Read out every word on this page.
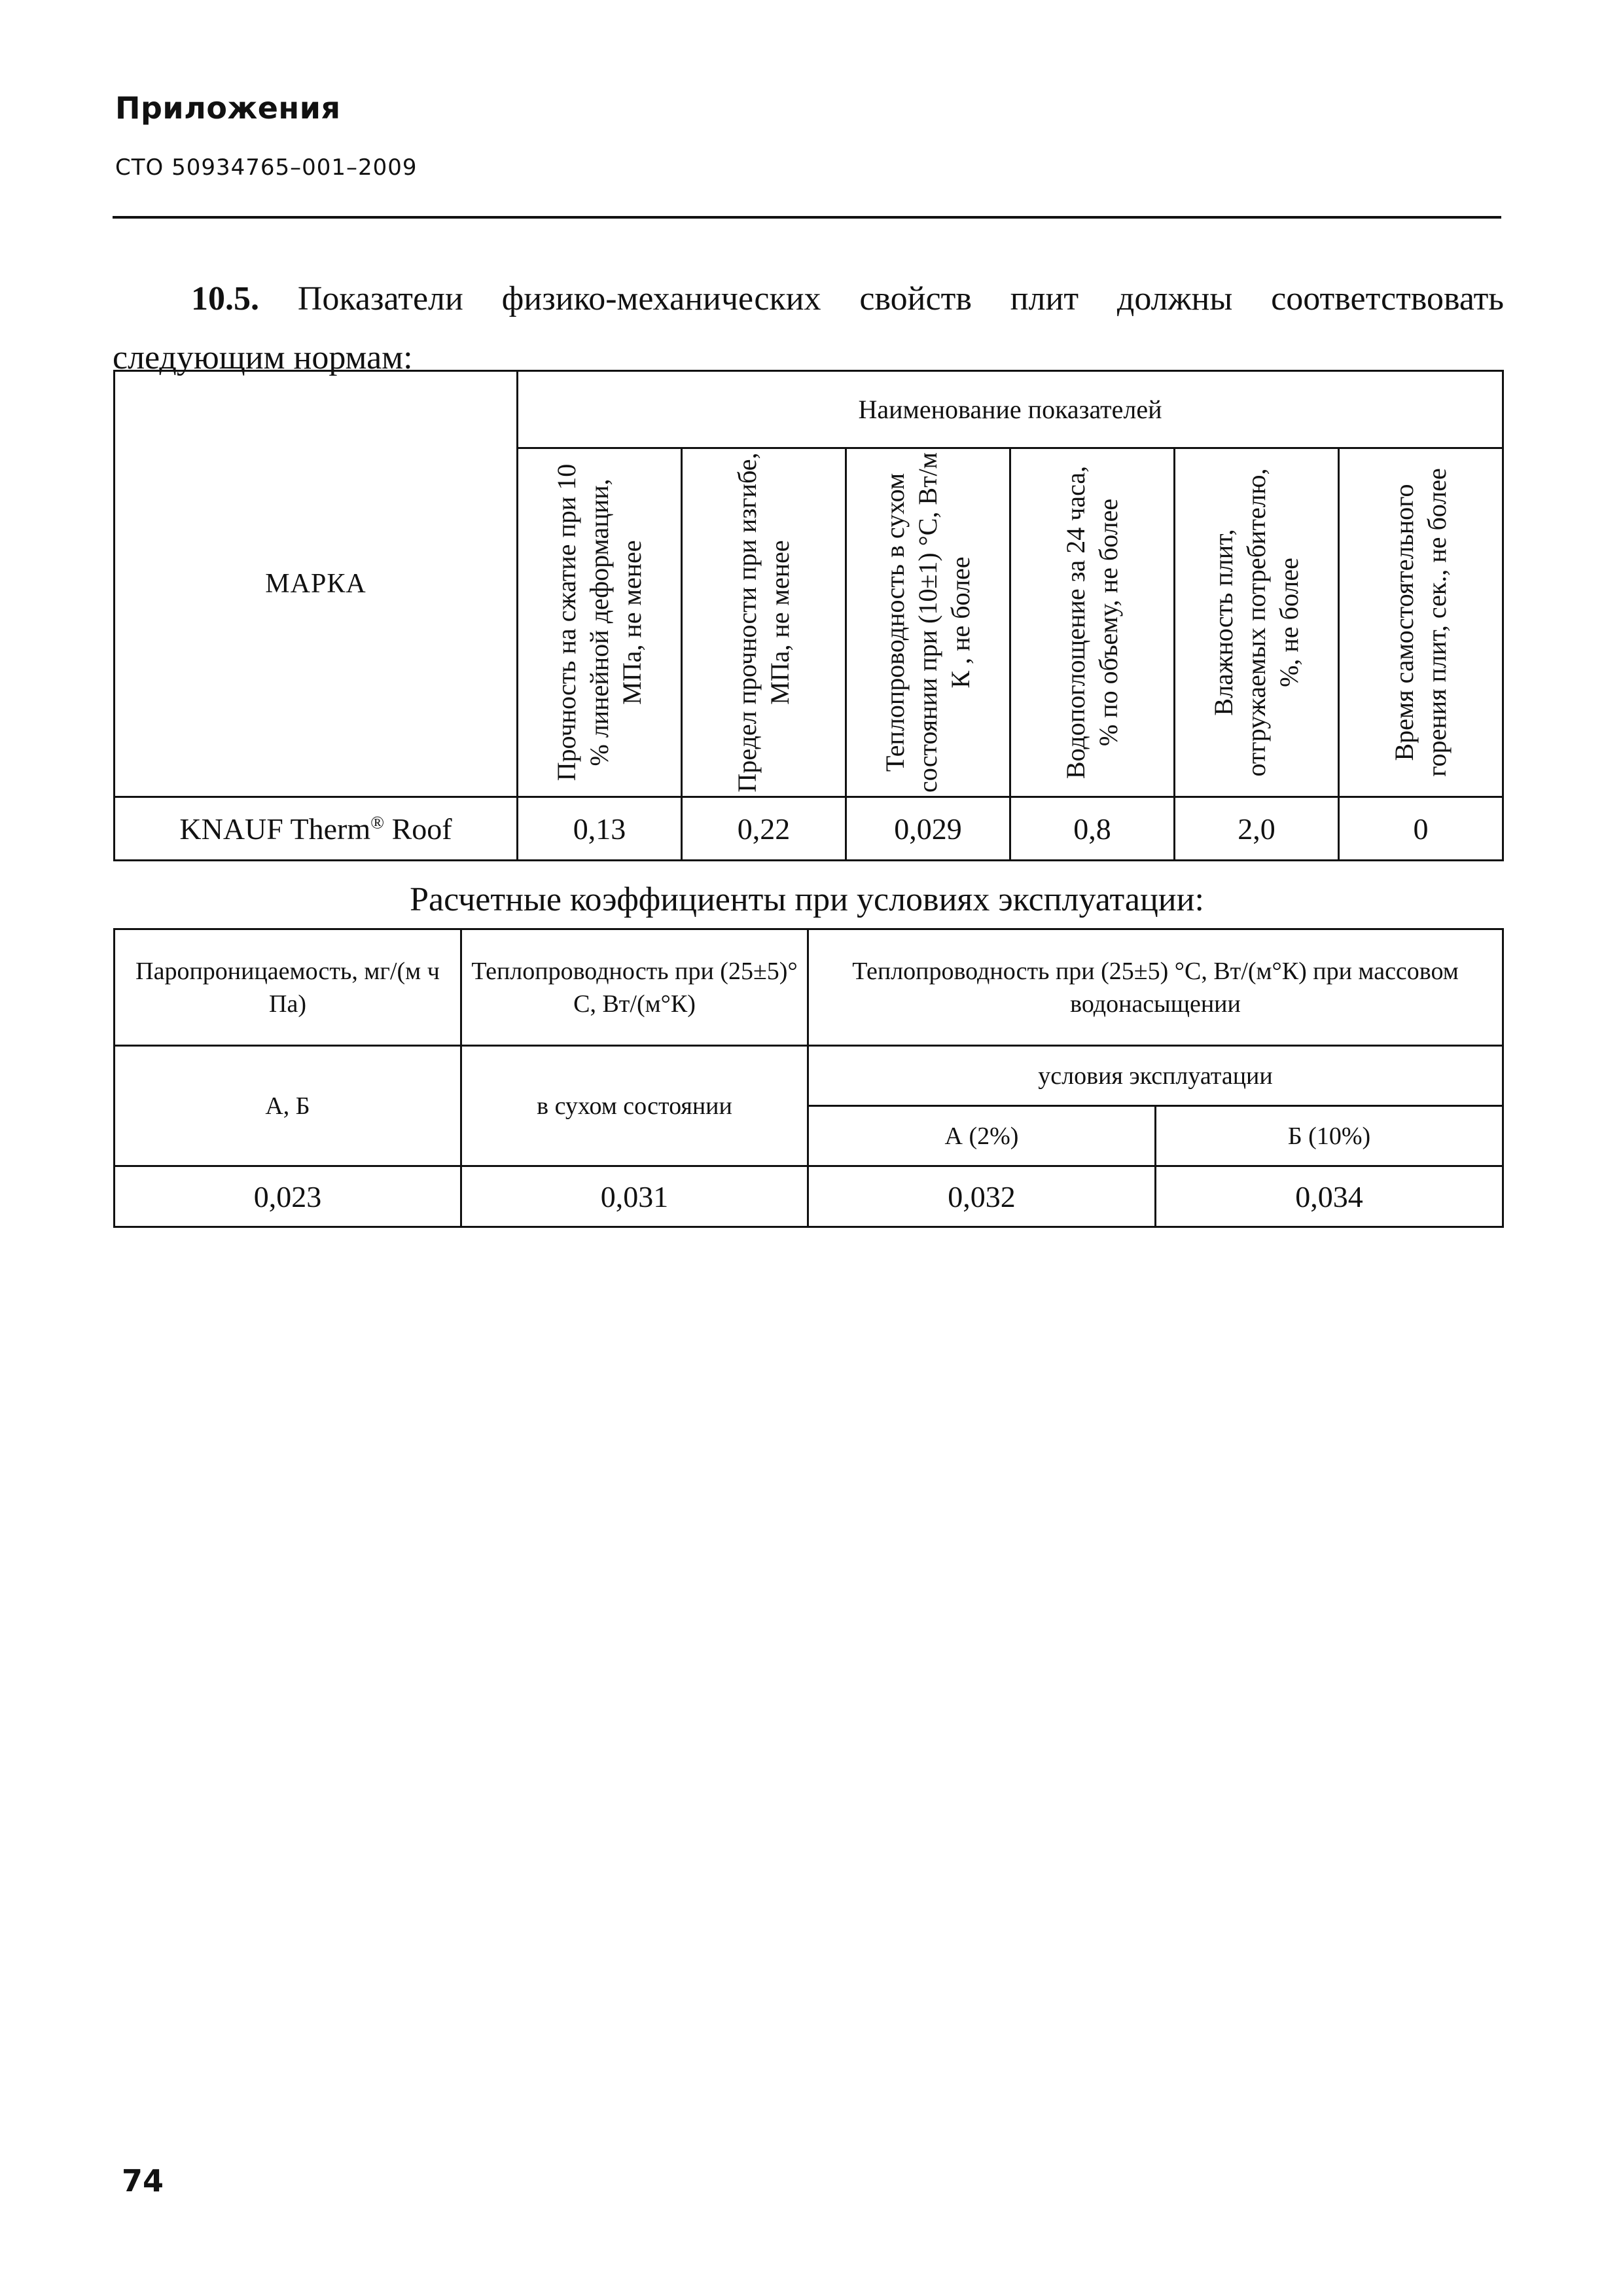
Приложения
СТО 50934765–001–2009

10.5. Показатели физико-механических свойств плит должны соответствовать следующим нормам:

МАРКА	Наименование показателей					

	Прочность на сжатие при 10 % линейной деформации, МПа, не менее	Предел прочности при изгибе, МПа, не менее	Теплопроводность в сухом состоянии при (10±1) °С, Вт/м К , не более	Водопоглощение за 24 часа, % по объему, не более	Влажность плит, отгружаемых потребителю, %, не более	Время самостоятельного горения плит, сек., не более

KNAUF Therm® Roof	0,13	0,22	0,029	0,8	2,0	0
Расчетные коэффициенты при условиях эксплуатации:
Паропроницаемость, мг/(м ч Па)	Теплопроводность при (25±5)° С, Вт/(м°К)	Теплопроводность при (25±5) °С, Вт/(м°К) при массовом водонасыщении	
А, Б	в сухом состоянии	условия эксплуатации	
		А (2%)	Б (10%)
0,023	0,031	0,032	0,034
74
